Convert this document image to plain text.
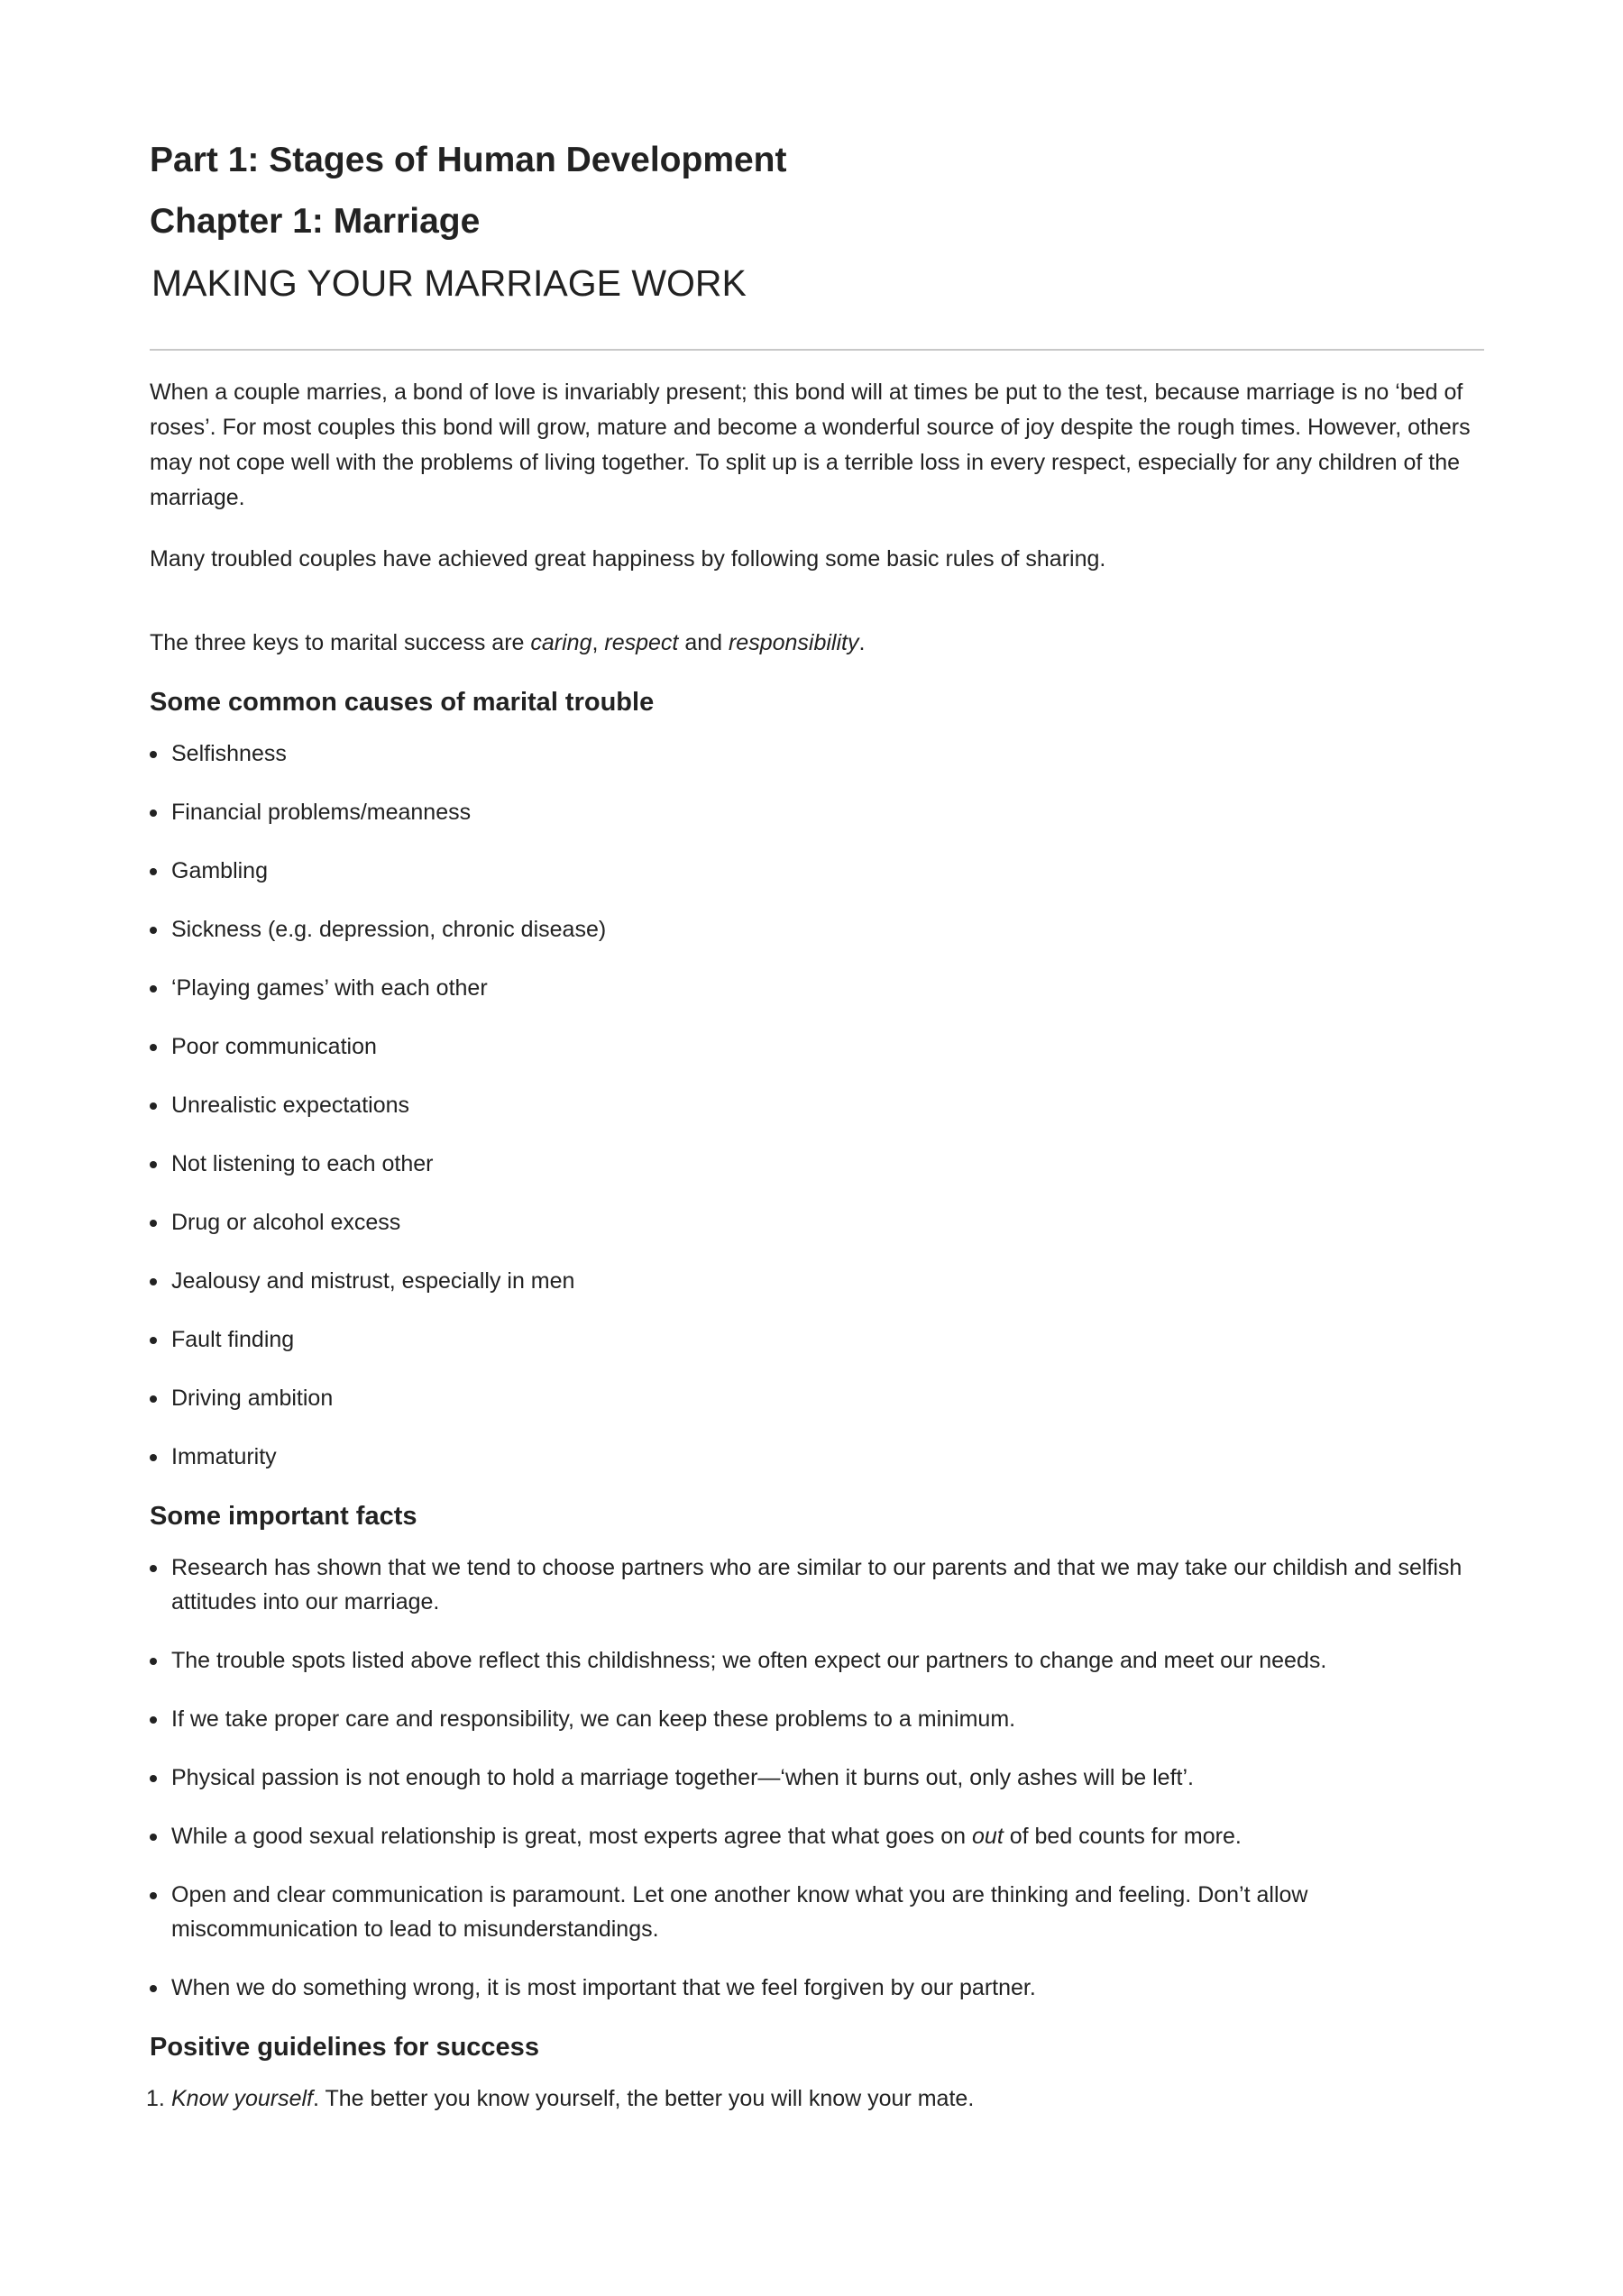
Part 1: Stages of Human Development
Chapter 1: Marriage
MAKING YOUR MARRIAGE WORK

When a couple marries, a bond of love is invariably present; this bond will at times be put to the test, because marriage is no ‘bed of roses’. For most couples this bond will grow, mature and become a wonderful source of joy despite the rough times. However, others may not cope well with the problems of living together. To split up is a terrible loss in every respect, especially for any children of the marriage.

Many troubled couples have achieved great happiness by following some basic rules of sharing.

The three keys to marital success are caring, respect and responsibility.

Some common causes of marital trouble
Selfishness
Financial problems/meanness
Gambling
Sickness (e.g. depression, chronic disease)
‘Playing games’ with each other
Poor communication
Unrealistic expectations
Not listening to each other
Drug or alcohol excess
Jealousy and mistrust, especially in men
Fault finding
Driving ambition
Immaturity
Some important facts
Research has shown that we tend to choose partners who are similar to our parents and that we may take our childish and selfish attitudes into our marriage.
The trouble spots listed above reflect this childishness; we often expect our partners to change and meet our needs.
If we take proper care and responsibility, we can keep these problems to a minimum.
Physical passion is not enough to hold a marriage together—‘when it burns out, only ashes will be left’.
While a good sexual relationship is great, most experts agree that what goes on out of bed counts for more.
Open and clear communication is paramount. Let one another know what you are thinking and feeling. Don’t allow miscommunication to lead to misunderstandings.
When we do something wrong, it is most important that we feel forgiven by our partner.
Positive guidelines for success
1. Know yourself. The better you know yourself, the better you will know your mate.
